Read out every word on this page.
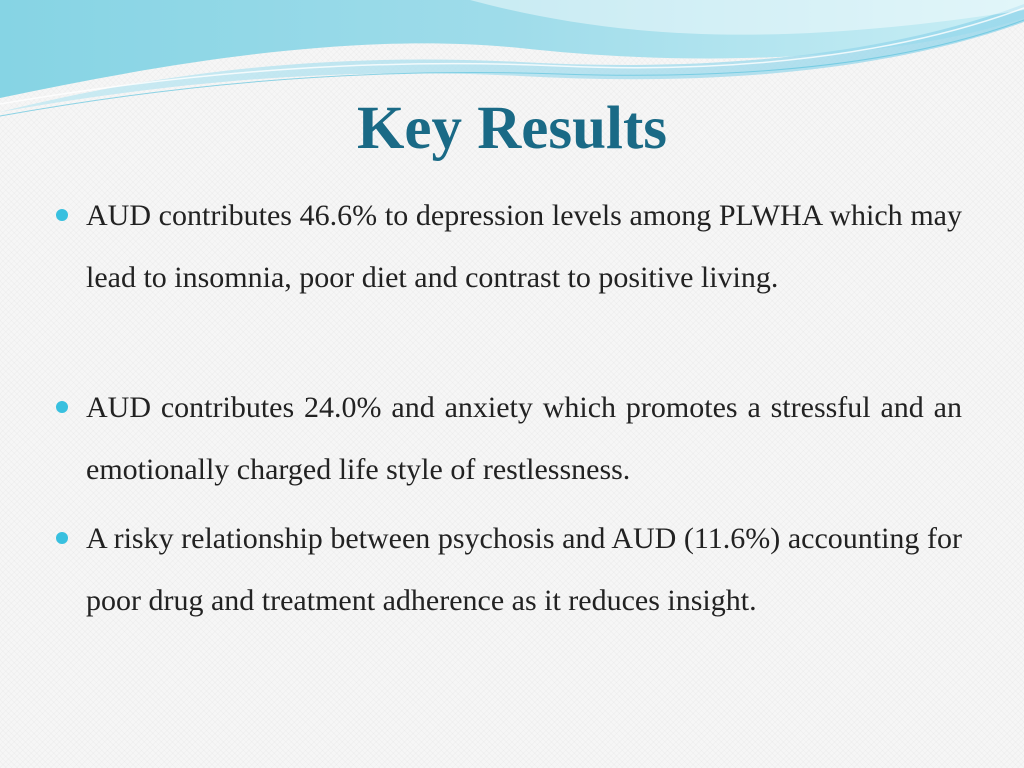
Key Results
AUD contributes 46.6% to depression levels among PLWHA which may lead to insomnia, poor diet and contrast to positive living.
AUD contributes 24.0% and anxiety which promotes a stressful and an emotionally charged life style of restlessness.
A risky relationship between psychosis and AUD (11.6%) accounting for poor drug and treatment adherence as it reduces insight.
